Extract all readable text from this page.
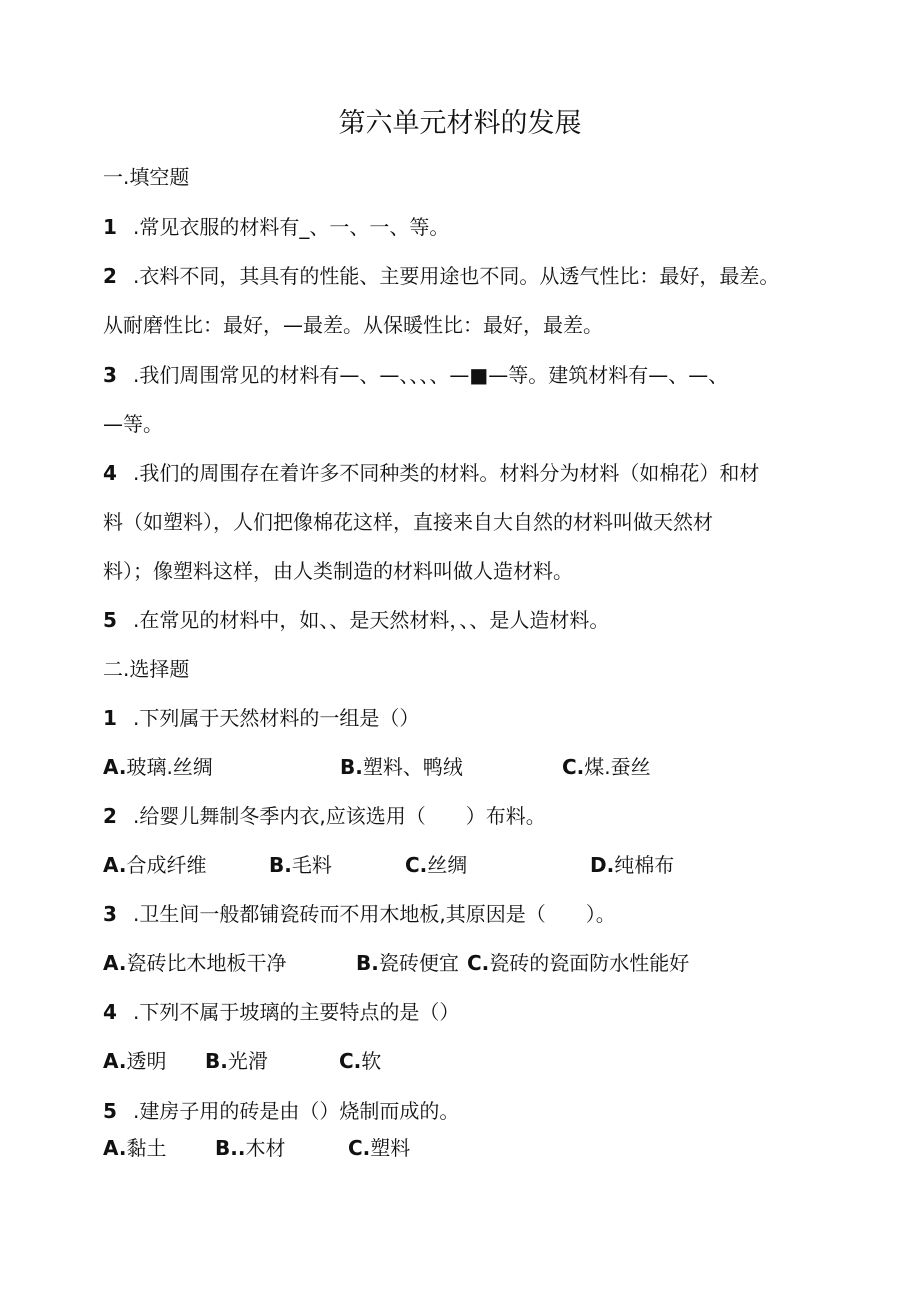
第六单元材料的发展
一.填空题
1 .常见衣服的材料有_、一、一、等。
2 .衣料不同，其具有的性能、主要用途也不同。从透气性比：最好，最差。
从耐磨性比：最好，—最差。从保暖性比：最好，最差。
3 .我们周围常见的材料有—、—、、、、—■—等。建筑材料有—、—、
—等。
4 .我们的周围存在着许多不同种类的材料。材料分为材料（如棉花）和材
料（如塑料），人们把像棉花这样，直接来自大自然的材料叫做天然材
料）；像塑料这样，由人类制造的材料叫做人造材料。
5 .在常见的材料中，如、、是天然材料，、、是人造材料。
二.选择题
1 .下列属于天然材料的一组是（）
A.玻璃.丝绸	B.塑料、鸭绒	C.煤.蚕丝
2 .给婴儿舞制冬季内衣,应该选用（　　）布料。
A.合成纤维	B.毛料	C.丝绸	D.纯棉布
3 .卫生间一般都铺瓷砖而不用木地板,其原因是（　　）。
A.瓷砖比木地板干净	B.瓷砖便宜 C.瓷砖的瓷面防水性能好
4 .下列不属于坡璃的主要特点的是（）
A.透明 B.光滑	C.软
5 .建房子用的砖是由（）烧制而成的。
A.黏土 B..木材	C.塑料
